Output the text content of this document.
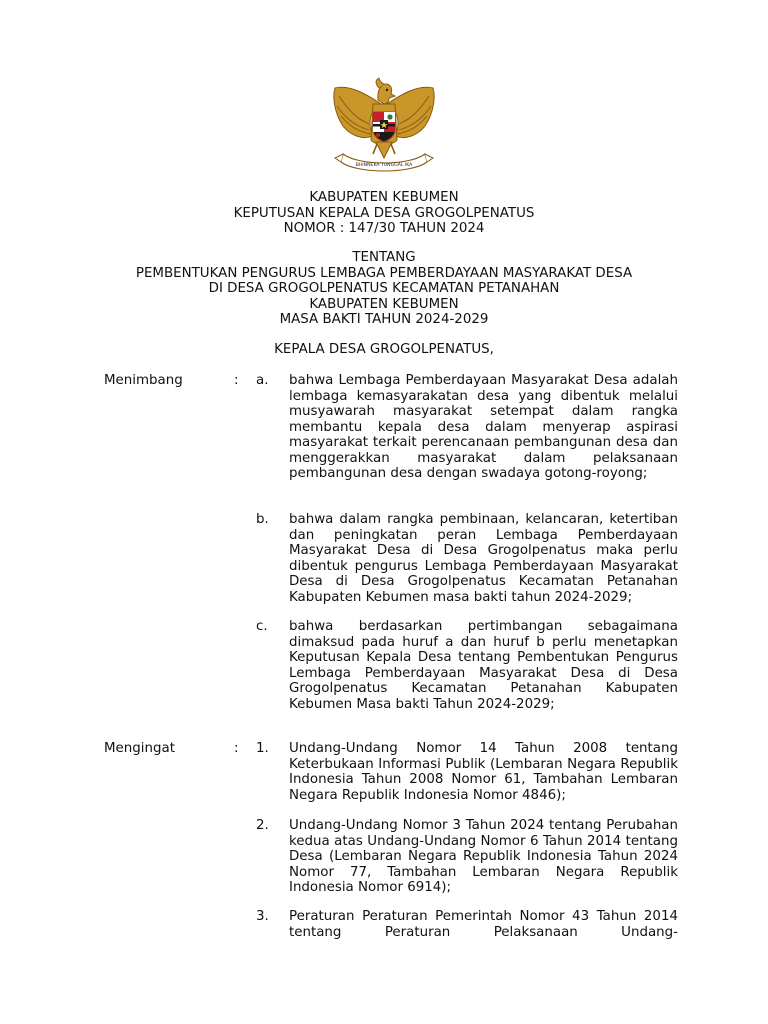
BHINNEKA TUNGGAL IKA
KABUPATEN KEBUMEN
KEPUTUSAN KEPALA DESA GROGOLPENATUS
NOMOR : 147/30 TAHUN 2024
TENTANG
PEMBENTUKAN PENGURUS LEMBAGA PEMBERDAYAAN MASYARAKAT DESA
DI DESA GROGOLPENATUS KECAMATAN PETANAHAN
KABUPATEN KEBUMEN
MASA BAKTI TAHUN 2024-2029
KEPALA DESA GROGOLPENATUS,
Menimbang	: a. bahwa Lembaga Pemberdayaan Masyarakat Desa adalah lembaga kemasyarakatan desa yang dibentuk melalui musyawarah masyarakat setempat dalam rangka membantu kepala desa dalam menyerap aspirasi masyarakat terkait perencanaan pembangunan desa dan menggerakkan masyarakat dalam pelaksanaan pembangunan desa dengan swadaya gotong-royong;
b. bahwa dalam rangka pembinaan, kelancaran, ketertiban dan peningkatan peran Lembaga Pemberdayaan Masyarakat Desa di Desa Grogolpenatus maka perlu dibentuk pengurus Lembaga Pemberdayaan Masyarakat Desa di Desa Grogolpenatus Kecamatan Petanahan Kabupaten Kebumen masa bakti tahun 2024-2029;
c. bahwa berdasarkan pertimbangan sebagaimana dimaksud pada huruf a dan huruf b perlu menetapkan Keputusan Kepala Desa tentang Pembentukan Pengurus Lembaga Pemberdayaan Masyarakat Desa di Desa Grogolpenatus Kecamatan Petanahan Kabupaten Kebumen Masa bakti Tahun 2024-2029;
Mengingat	: 1. Undang-Undang Nomor 14 Tahun 2008 tentang Keterbukaan Informasi Publik (Lembaran Negara Republik Indonesia Tahun 2008 Nomor 61, Tambahan Lembaran Negara Republik Indonesia Nomor 4846);
2. Undang-Undang Nomor 3 Tahun 2024 tentang Perubahan kedua atas Undang-Undang Nomor 6 Tahun 2014 tentang Desa (Lembaran Negara Republik Indonesia Tahun 2024 Nomor 77, Tambahan Lembaran Negara Republik Indonesia Nomor 6914);
3. Peraturan Peraturan Pemerintah Nomor 43 Tahun 2014 tentang Peraturan Pelaksanaan Undang-
